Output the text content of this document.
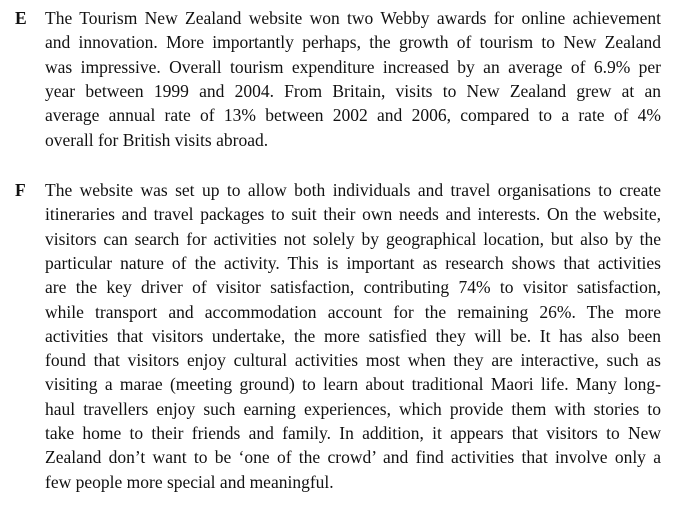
E The Tourism New Zealand website won two Webby awards for online achievement
and innovation. More importantly perhaps, the growth of tourism to New Zealand
was impressive. Overall tourism expenditure increased by an average of 6.9% per
year between 1999 and 2004. From Britain, visits to New Zealand grew at an
average annual rate of 13% between 2002 and 2006, compared to a rate of 4%
overall for British visits abroad.
F The website was set up to allow both individuals and travel organisations to create
itineraries and travel packages to suit their own needs and interests. On the website,
visitors can search for activities not solely by geographical location, but also by the
particular nature of the activity. This is important as research shows that activities
are the key driver of visitor satisfaction, contributing 74% to visitor satisfaction,
while transport and accommodation account for the remaining 26%. The more
activities that visitors undertake, the more satisfied they will be. It has also been
found that visitors enjoy cultural activities most when they are interactive, such as
visiting a marae (meeting ground) to learn about traditional Maori life. Many long-
haul travellers enjoy such earning experiences, which provide them with stories to
take home to their friends and family. In addition, it appears that visitors to New
Zealand don’t want to be ‘one of the crowd’ and find activities that involve only a
few people more special and meaningful.
